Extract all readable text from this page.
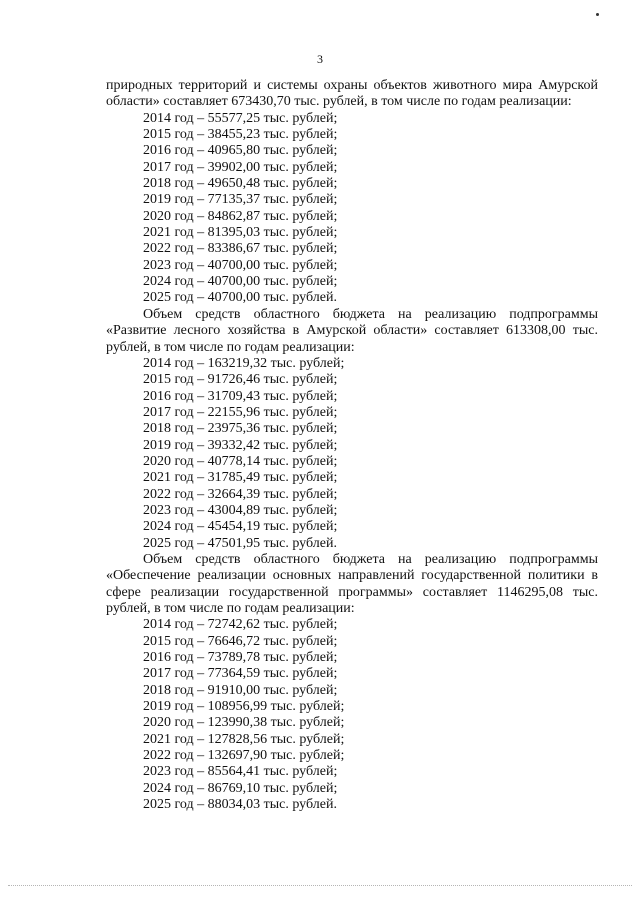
3
природных территорий и системы охраны объектов животного мира Амурской
области» составляет 673430,70 тыс. рублей, в том числе по годам реализации:
2014 год – 55577,25 тыс. рублей;
2015 год – 38455,23 тыс. рублей;
2016 год – 40965,80 тыс. рублей;
2017 год – 39902,00 тыс. рублей;
2018 год – 49650,48 тыс. рублей;
2019 год – 77135,37 тыс. рублей;
2020 год – 84862,87 тыс. рублей;
2021 год – 81395,03 тыс. рублей;
2022 год – 83386,67 тыс. рублей;
2023 год – 40700,00 тыс. рублей;
2024 год – 40700,00 тыс. рублей;
2025 год – 40700,00 тыс. рублей.
Объем средств областного бюджета на реализацию подпрограммы
«Развитие лесного хозяйства в Амурской области» составляет 613308,00 тыс.
рублей, в том числе по годам реализации:
2014 год – 163219,32 тыс. рублей;
2015 год – 91726,46 тыс. рублей;
2016 год – 31709,43 тыс. рублей;
2017 год – 22155,96 тыс. рублей;
2018 год – 23975,36 тыс. рублей;
2019 год – 39332,42 тыс. рублей;
2020 год – 40778,14 тыс. рублей;
2021 год – 31785,49 тыс. рублей;
2022 год – 32664,39 тыс. рублей;
2023 год – 43004,89 тыс. рублей;
2024 год – 45454,19 тыс. рублей;
2025 год – 47501,95 тыс. рублей.
Объем средств областного бюджета на реализацию подпрограммы
«Обеспечение реализации основных направлений государственной политики в
сфере реализации государственной программы» составляет 1146295,08 тыс.
рублей, в том числе по годам реализации:
2014 год – 72742,62 тыс. рублей;
2015 год – 76646,72 тыс. рублей;
2016 год – 73789,78 тыс. рублей;
2017 год – 77364,59 тыс. рублей;
2018 год – 91910,00 тыс. рублей;
2019 год – 108956,99 тыс. рублей;
2020 год – 123990,38 тыс. рублей;
2021 год – 127828,56 тыс. рублей;
2022 год – 132697,90 тыс. рублей;
2023 год – 85564,41 тыс. рублей;
2024 год – 86769,10 тыс. рублей;
2025 год – 88034,03 тыс. рублей.
